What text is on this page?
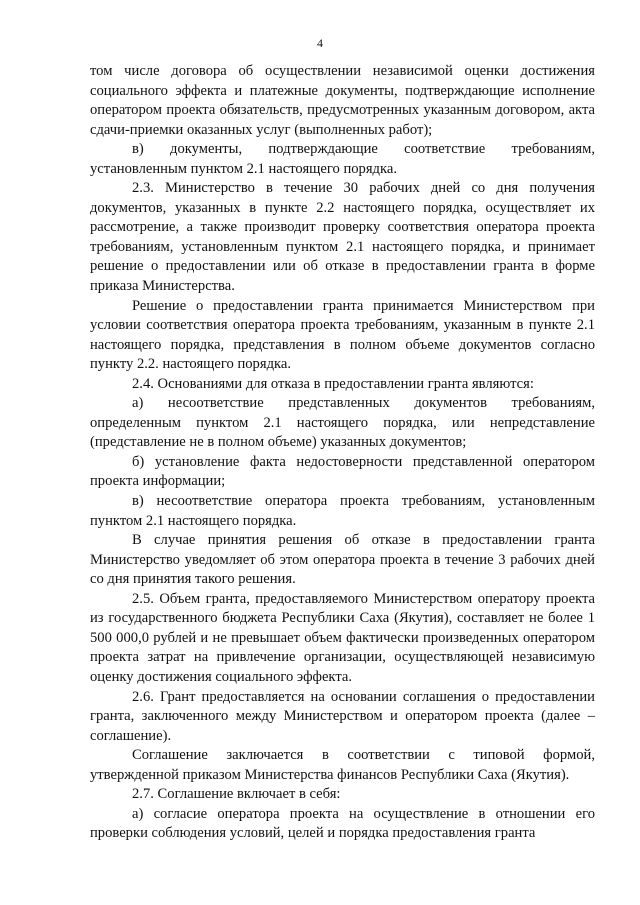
4

том числе договора об осуществлении независимой оценки достижения социального эффекта и платежные документы, подтверждающие исполнение оператором проекта обязательств, предусмотренных указанным договором, акта сдачи-приемки оказанных услуг (выполненных работ);

в) документы, подтверждающие соответствие требованиям, установленным пунктом 2.1 настоящего порядка.

2.3. Министерство в течение 30 рабочих дней со дня получения документов, указанных в пункте 2.2 настоящего порядка, осуществляет их рассмотрение, а также производит проверку соответствия оператора проекта требованиям, установленным пунктом 2.1 настоящего порядка, и принимает решение о предоставлении или об отказе в предоставлении гранта в форме приказа Министерства.

Решение о предоставлении гранта принимается Министерством при условии соответствия оператора проекта требованиям, указанным в пункте 2.1 настоящего порядка, представления в полном объеме документов согласно пункту 2.2. настоящего порядка.

2.4. Основаниями для отказа в предоставлении гранта являются:

а) несоответствие представленных документов требованиям, определенным пунктом 2.1 настоящего порядка, или непредставление (представление не в полном объеме) указанных документов;

б) установление факта недостоверности представленной оператором проекта информации;

в) несоответствие оператора проекта требованиям, установленным пунктом 2.1 настоящего порядка.

В случае принятия решения об отказе в предоставлении гранта Министерство уведомляет об этом оператора проекта в течение 3 рабочих дней со дня принятия такого решения.

2.5. Объем гранта, предоставляемого Министерством оператору проекта из государственного бюджета Республики Саха (Якутия), составляет не более 1 500 000,0 рублей и не превышает объем фактически произведенных оператором проекта затрат на привлечение организации, осуществляющей независимую оценку достижения социального эффекта.

2.6. Грант предоставляется на основании соглашения о предоставлении гранта, заключенного между Министерством и оператором проекта (далее – соглашение).

Соглашение заключается в соответствии с типовой формой, утвержденной приказом Министерства финансов Республики Саха (Якутия).

2.7. Соглашение включает в себя:

а) согласие оператора проекта на осуществление в отношении его проверки соблюдения условий, целей и порядка предоставления гранта
